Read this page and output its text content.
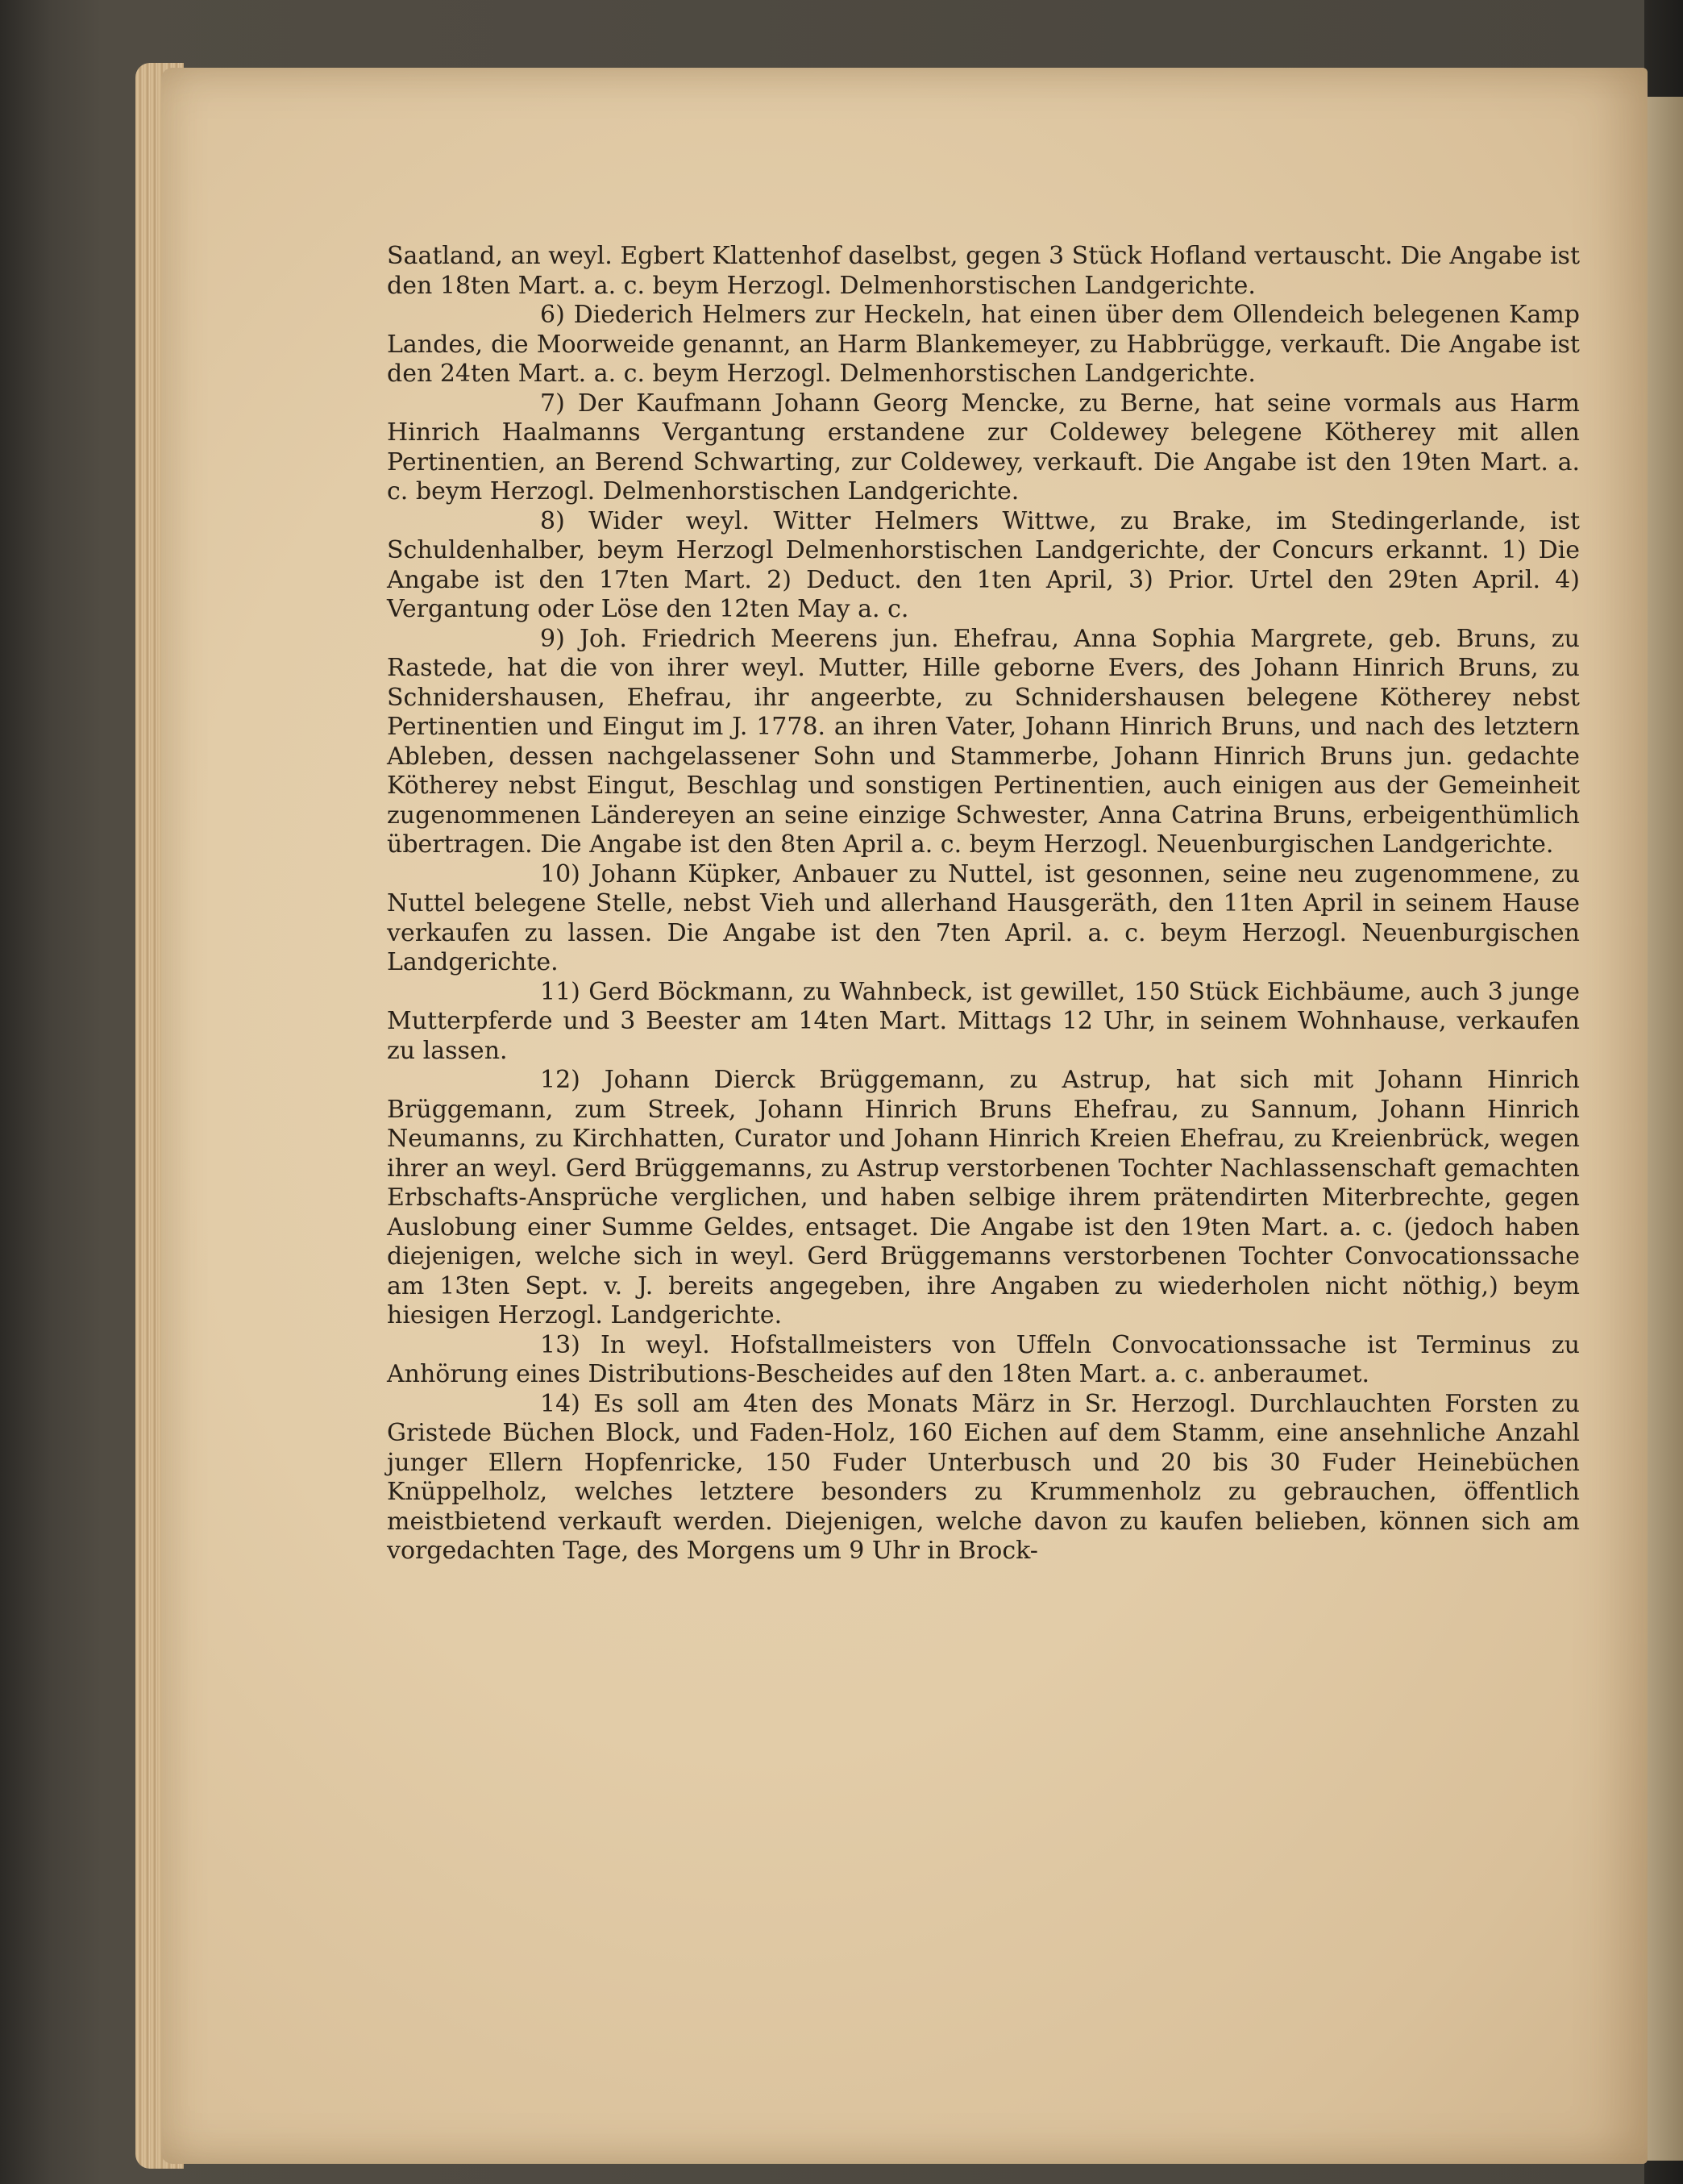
Saatland, an weyl. Egbert Klattenhof daselbst, gegen 3 Stück Hofland vertauscht. Die Angabe ist den 18ten Mart. a. c. beym Herzogl. Delmenhorstischen Landgerichte.

6) Diederich Helmers zur Heckeln, hat einen über dem Ollendeich belegenen Kamp Landes, die Moorweide genannt, an Harm Blankemeyer, zu Habbrügge, verkauft. Die Angabe ist den 24ten Mart. a. c. beym Herzogl. Delmenhorstischen Landgerichte.

7) Der Kaufmann Johann Georg Mencke, zu Berne, hat seine vormals aus Harm Hinrich Haalmanns Vergantung erstandene zur Coldewey belegene Kötherey mit allen Pertinentien, an Berend Schwarting, zur Coldewey, verkauft. Die Angabe ist den 19ten Mart. a. c. beym Herzogl. Delmenhorstischen Landgerichte.

8) Wider weyl. Witter Helmers Wittwe, zu Brake, im Stedingerlande, ist Schuldenhalber, beym Herzogl Delmenhorstischen Landgerichte, der Concurs erkannt. 1) Die Angabe ist den 17ten Mart. 2) Deduct. den 1ten April, 3) Prior. Urtel den 29ten April. 4) Vergantung oder Löse den 12ten May a. c.

9) Joh. Friedrich Meerens jun. Ehefrau, Anna Sophia Margrete, geb. Bruns, zu Rastede, hat die von ihrer weyl. Mutter, Hille geborne Evers, des Johann Hinrich Bruns, zu Schnidershausen, Ehefrau, ihr angeerbte, zu Schnidershausen belegene Kötherey nebst Pertinentien und Eingut im J. 1778. an ihren Vater, Johann Hinrich Bruns, und nach des letztern Ableben, dessen nachgelassener Sohn und Stammerbe, Johann Hinrich Bruns jun. gedachte Kötherey nebst Eingut, Beschlag und sonstigen Pertinentien, auch einigen aus der Gemeinheit zugenommenen Ländereyen an seine einzige Schwester, Anna Catrina Bruns, erbeigenthümlich übertragen. Die Angabe ist den 8ten April a. c. beym Herzogl. Neuenburgischen Landgerichte.

10) Johann Küpker, Anbauer zu Nuttel, ist gesonnen, seine neu zugenommene, zu Nuttel belegene Stelle, nebst Vieh und allerhand Hausgeräth, den 11ten April in seinem Hause verkaufen zu lassen. Die Angabe ist den 7ten April. a. c. beym Herzogl. Neuenburgischen Landgerichte.

11) Gerd Böckmann, zu Wahnbeck, ist gewillet, 150 Stück Eichbäume, auch 3 junge Mutterpferde und 3 Beester am 14ten Mart. Mittags 12 Uhr, in seinem Wohnhause, verkaufen zu lassen.

12) Johann Dierck Brüggemann, zu Astrup, hat sich mit Johann Hinrich Brüggemann, zum Streek, Johann Hinrich Bruns Ehefrau, zu Sannum, Johann Hinrich Neumanns, zu Kirchhatten, Curator und Johann Hinrich Kreien Ehefrau, zu Kreienbrück, wegen ihrer an weyl. Gerd Brüggemanns, zu Astrup verstorbenen Tochter Nachlassenschaft gemachten Erbschafts-Ansprüche verglichen, und haben selbige ihrem prätendirten Miterbrechte, gegen Auslobung einer Summe Geldes, entsaget. Die Angabe ist den 19ten Mart. a. c. (jedoch haben diejenigen, welche sich in weyl. Gerd Brüggemanns verstorbenen Tochter Convocationssache am 13ten Sept. v. J. bereits angegeben, ihre Angaben zu wiederholen nicht nöthig,) beym hiesigen Herzogl. Landgerichte.

13) In weyl. Hofstallmeisters von Uffeln Convocationssache ist Terminus zu Anhörung eines Distributions-Bescheides auf den 18ten Mart. a. c. anberaumet.

14) Es soll am 4ten des Monats März in Sr. Herzogl. Durchlauchten Forsten zu Gristede Büchen Block, und Faden-Holz, 160 Eichen auf dem Stamm, eine ansehnliche Anzahl junger Ellern Hopfenricke, 150 Fuder Unterbusch und 20 bis 30 Fuder Heinebüchen Knüppelholz, welches letztere besonders zu Krummenholz zu gebrauchen, öffentlich meistbietend verkauft werden. Diejenigen, welche davon zu kaufen belieben, können sich am vorgedachten Tage, des Morgens um 9 Uhr in Brock-
